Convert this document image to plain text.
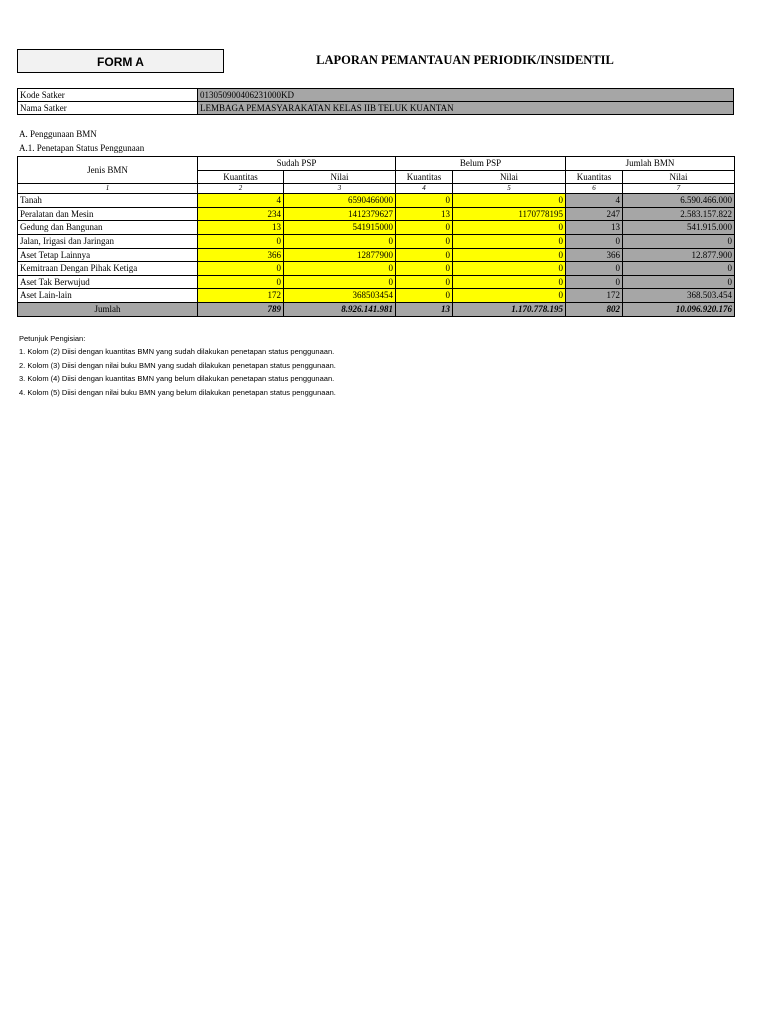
FORM A	LAPORAN PEMANTAUAN PERIODIK/INSIDENTIL
Kode Satker	013050900406231000KD
Nama Satker	LEMBAGA PEMASYARAKATAN KELAS IIB TELUK KUANTAN
A. Penggunaan BMN
A.1. Penetapan Status Penggunaan
Jenis BMN	Sudah PSP		Belum PSP		Jumlah BMN	
	Kuantitas	Nilai	Kuantitas	Nilai	Kuantitas	Nilai
1	2	3	4	5	6	7
Tanah	4	6590466000	0	0	4	6.590.466.000
Peralatan dan Mesin	234	1412379627	13	1170778195	247	2.583.157.822
Gedung dan Bangunan	13	541915000	0	0	13	541.915.000
Jalan, Irigasi dan Jaringan	0	0	0	0	0	0
Aset Tetap Lainnya	366	12877900	0	0	366	12.877.900
Kemitraan Dengan Pihak Ketiga	0	0	0	0	0	0
Aset Tak Berwujud	0	0	0	0	0	0
Aset Lain-lain	172	368503454	0	0	172	368.503.454
Jumlah	789	8.926.141.981	13	1.170.778.195	802	10.096.920.176
Petunjuk Pengisian:
1. Kolom (2) Diisi dengan kuantitas BMN yang sudah dilakukan penetapan status penggunaan.
2. Kolom (3) Diisi dengan nilai buku BMN yang sudah dilakukan penetapan status penggunaan.
3. Kolom (4) Diisi dengan kuantitas BMN yang belum dilakukan penetapan status penggunaan.
4. Kolom (5) Diisi dengan nilai buku BMN yang belum dilakukan penetapan status penggunaan.
